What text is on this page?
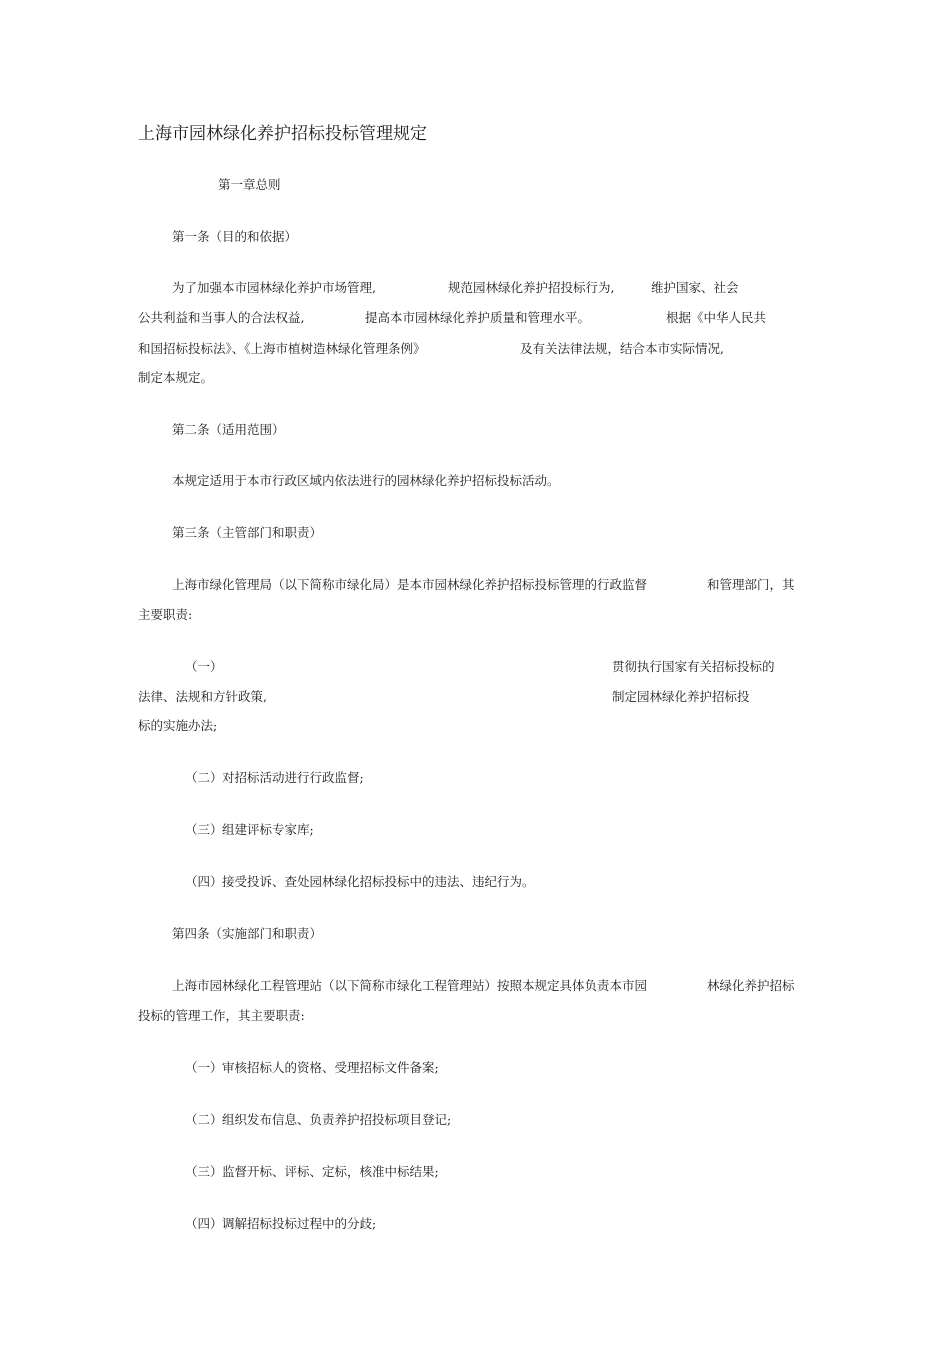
上海市园林绿化养护招标投标管理规定
第一章总则
第一条（目的和依据）
为了加强本市园林绿化养护市场管理,	规范园林绿化养护招投标行为,	维护国家、社会
公共利益和当事人的合法权益,	提高本市园林绿化养护质量和管理水平。	根据《中华人民共
和国招标投标法》、《上海市植树造林绿化管理条例》	及有关法律法规，结合本市实际情况,
制定本规定。
第二条（适用范围）
本规定适用于本市行政区域内依法进行的园林绿化养护招标投标活动。
第三条（主管部门和职责）
上海市绿化管理局（以下简称市绿化局）是本市园林绿化养护招标投标管理的行政监督	和管理部门，其
主要职责:
（一）	贯彻执行国家有关招标投标的
法律、法规和方针政策,	制定园林绿化养护招标投
标的实施办法;
（二） 对招标活动进行行政监督;
（三） 组建评标专家库;
（四） 接受投诉、查处园林绿化招标投标中的违法、违纪行为。
第四条（实施部门和职责）
上海市园林绿化工程管理站（以下简称市绿化工程管理站）按照本规定具体负责本市园	林绿化养护招标
投标的管理工作，其主要职责:
（一） 审核招标人的资格、受理招标文件备案;
（二） 组织发布信息、负责养护招投标项目登记;
（三） 监督开标、评标、定标，核准中标结果;
（四） 调解招标投标过程中的分歧;
